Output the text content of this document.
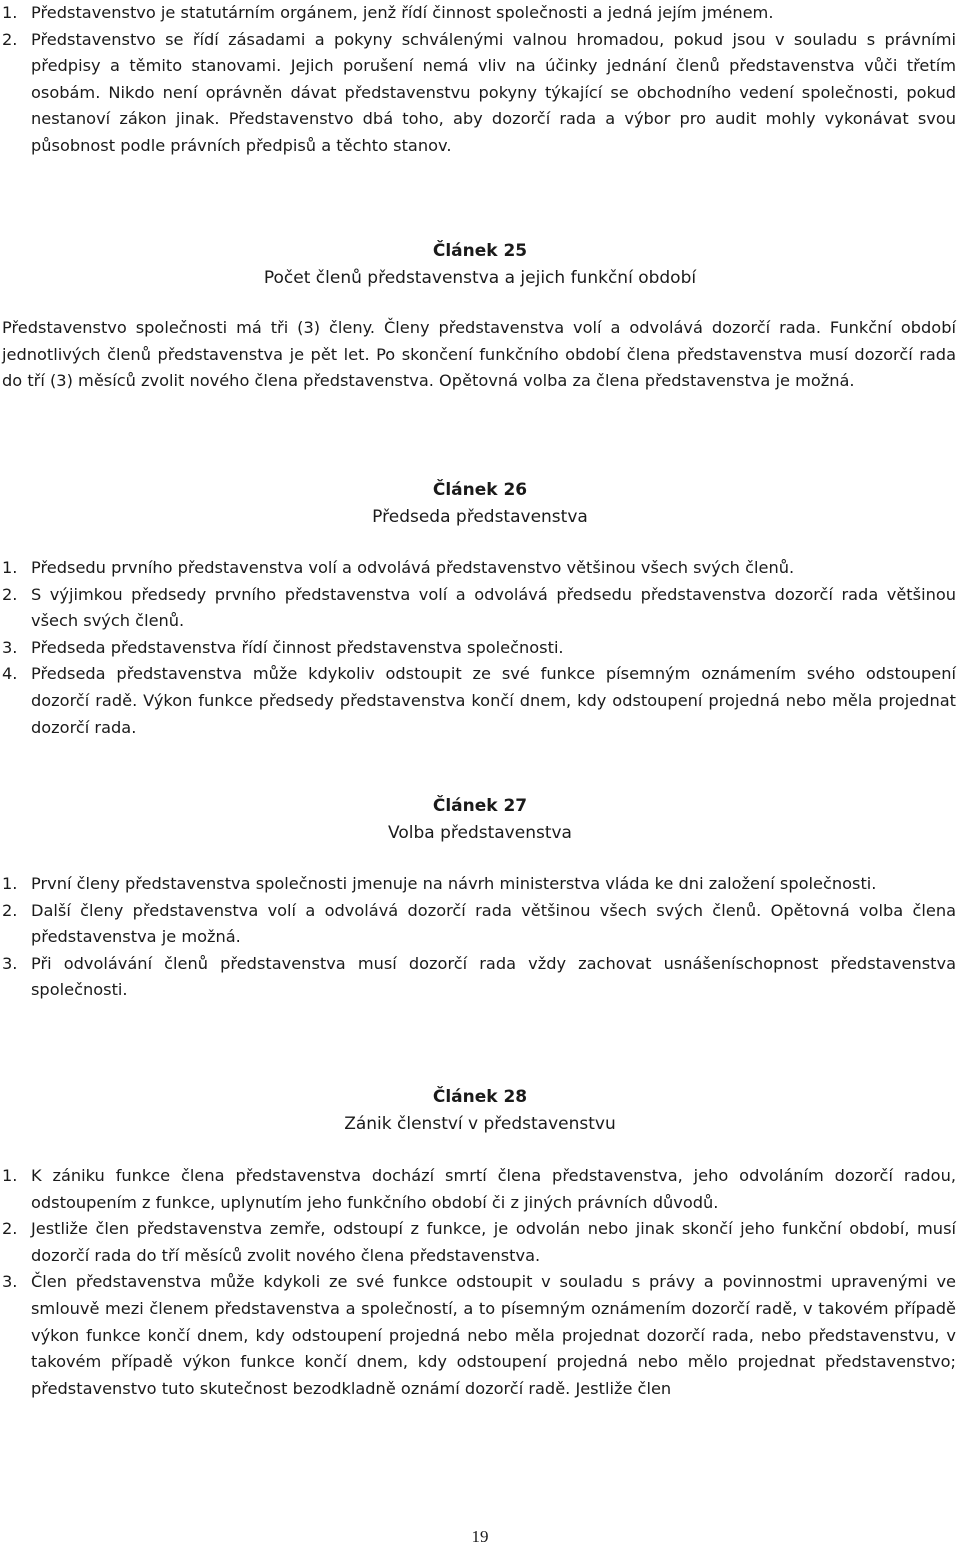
1. Představenstvo je statutárním orgánem, jenž řídí činnost společnosti a jedná jejím jménem.
2. Představenstvo se řídí zásadami a pokyny schválenými valnou hromadou, pokud jsou v souladu s právními předpisy a těmito stanovami. Jejich porušení nemá vliv na účinky jednání členů představenstva vůči třetím osobám. Nikdo není oprávněn dávat představenstvu pokyny týkající se obchodního vedení společnosti, pokud nestanoví zákon jinak. Představenstvo dbá toho, aby dozorčí rada a výbor pro audit mohly vykonávat svou působnost podle právních předpisů a těchto stanov.
Článek 25
Počet členů představenstva a jejich funkční období

Představenstvo společnosti má tři (3) členy. Členy představenstva volí a odvolává dozorčí rada. Funkční období jednotlivých členů představenstva je pět let. Po skončení funkčního období člena představenstva musí dozorčí rada do tří (3) měsíců zvolit nového člena představenstva. Opětovná volba za člena představenstva je možná.

Článek 26
Předseda představenstva
1. Předsedu prvního představenstva volí a odvolává představenstvo většinou všech svých členů.
2. S výjimkou předsedy prvního představenstva volí a odvolává předsedu představenstva dozorčí rada většinou všech svých členů.
3. Předseda představenstva řídí činnost představenstva společnosti.
4. Předseda představenstva může kdykoliv odstoupit ze své funkce písemným oznámením svého odstoupení dozorčí radě. Výkon funkce předsedy představenstva končí dnem, kdy odstoupení projedná nebo měla projednat dozorčí rada.
Článek 27
Volba představenstva
1. První členy představenstva společnosti jmenuje na návrh ministerstva vláda ke dni založení společnosti.
2. Další členy představenstva volí a odvolává dozorčí rada většinou všech svých členů. Opětovná volba člena představenstva je možná.
3. Při odvolávání členů představenstva musí dozorčí rada vždy zachovat usnášeníschopnost představenstva společnosti.
Článek 28
Zánik členství v představenstvu
1. K zániku funkce člena představenstva dochází smrtí člena představenstva, jeho odvoláním dozorčí radou, odstoupením z funkce, uplynutím jeho funkčního období či z jiných právních důvodů.
2. Jestliže člen představenstva zemře, odstoupí z funkce, je odvolán nebo jinak skončí jeho funkční období, musí dozorčí rada do tří měsíců zvolit nového člena představenstva.
3. Člen představenstva může kdykoli ze své funkce odstoupit v souladu s právy a povinnostmi upravenými ve smlouvě mezi členem představenstva a společností, a to písemným oznámením dozorčí radě, v takovém případě výkon funkce končí dnem, kdy odstoupení projedná nebo měla projednat dozorčí rada, nebo představenstvu, v takovém případě výkon funkce končí dnem, kdy odstoupení projedná nebo mělo projednat představenstvo; představenstvo tuto skutečnost bezodkladně oznámí dozorčí radě. Jestliže člen
19
